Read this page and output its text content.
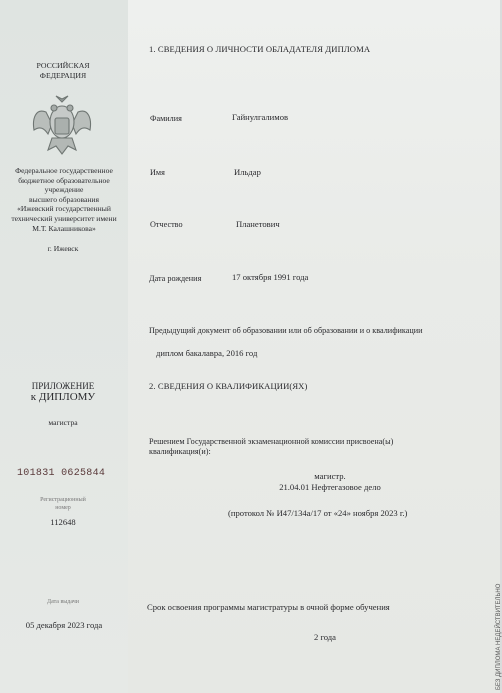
РОССИЙСКАЯ
ФЕДЕРАЦИЯ
Федеральное государственное
бюджетное образовательное
учреждение
высшего образования
«Ижевский государственный
технический университет имени
М.Т. Калашникова»
г. Ижевск
ПРИЛОЖЕНИЕ
к ДИПЛОМУ
магистра
101831 0625844
Регистрационный
номер
112648
Дата выдачи
05 декабря 2023 года
1. СВЕДЕНИЯ О ЛИЧНОСТИ ОБЛАДАТЕЛЯ ДИПЛОМА
Фамилия	Гайнулгалимов
Имя	Ильдар
Отчество	Планетович
Дата рождения	17 октября 1991 года
Предыдущий документ об образовании или об образовании и о квалификации
диплом бакалавра, 2016 год
2. СВЕДЕНИЯ О КВАЛИФИКАЦИИ(ЯХ)
Решением Государственной экзаменационной комиссии присвоена(ы)
квалификация(и):
магистр.
21.04.01 Нефтегазовое дело
(протокол № И47/134а/17 от «24» ноября 2023 г.)
Срок освоения программы магистратуры в очной форме обучения
2 года	БЕЗ ДИПЛОМА НЕДЕЙСТВИТЕЛЬНО
